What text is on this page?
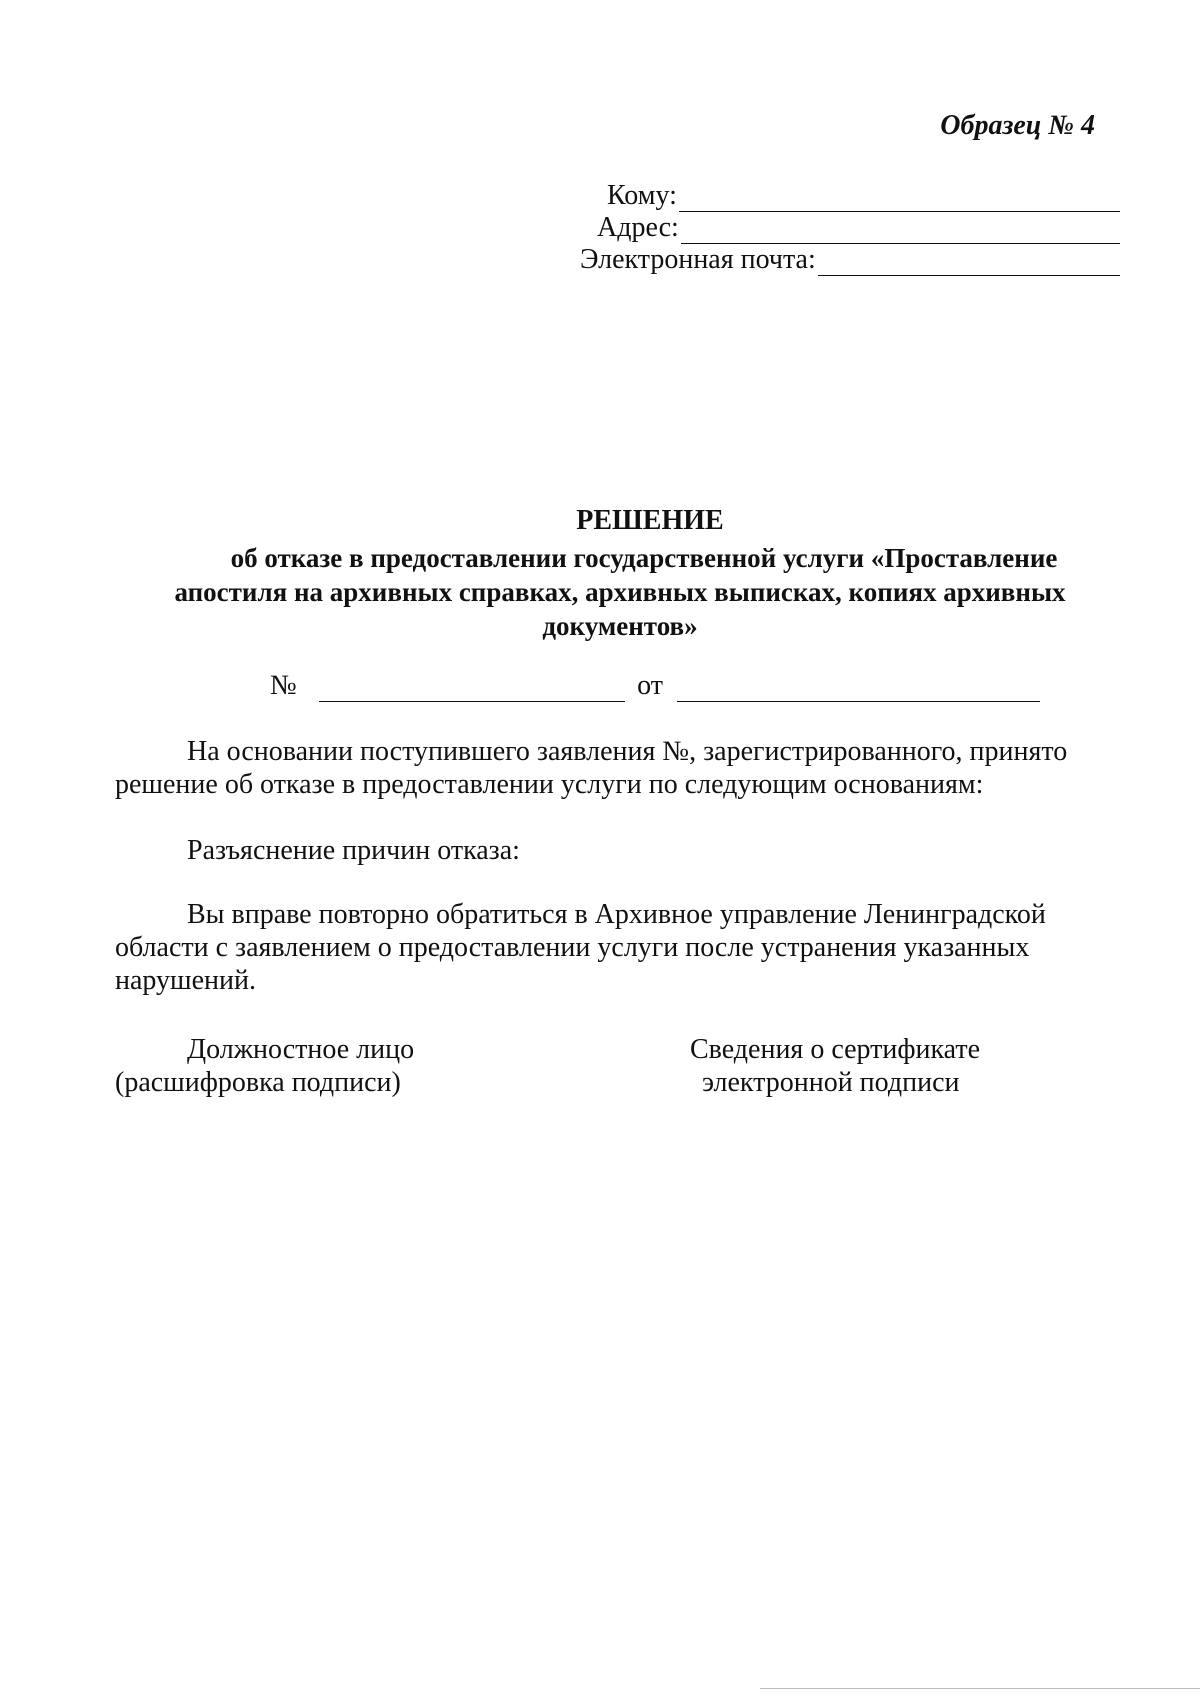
Образец № 4
Кому:
Адрес:
Электронная почта:
РЕШЕНИЕ
об отказе в предоставлении государственной услуги «Проставление апостиля на архивных справках, архивных выписках, копиях архивных документов»
№	от
На основании поступившего заявления №, зарегистрированного, принято решение об отказе в предоставлении услуги по следующим основаниям:
Разъяснение причин отказа:
Вы вправе повторно обратиться в Архивное управление Ленинградской области с заявлением о предоставлении услуги после устранения указанных нарушений.
Должностное лицо
(расшифровка подписи)
Сведения о сертификате
электронной подписи
